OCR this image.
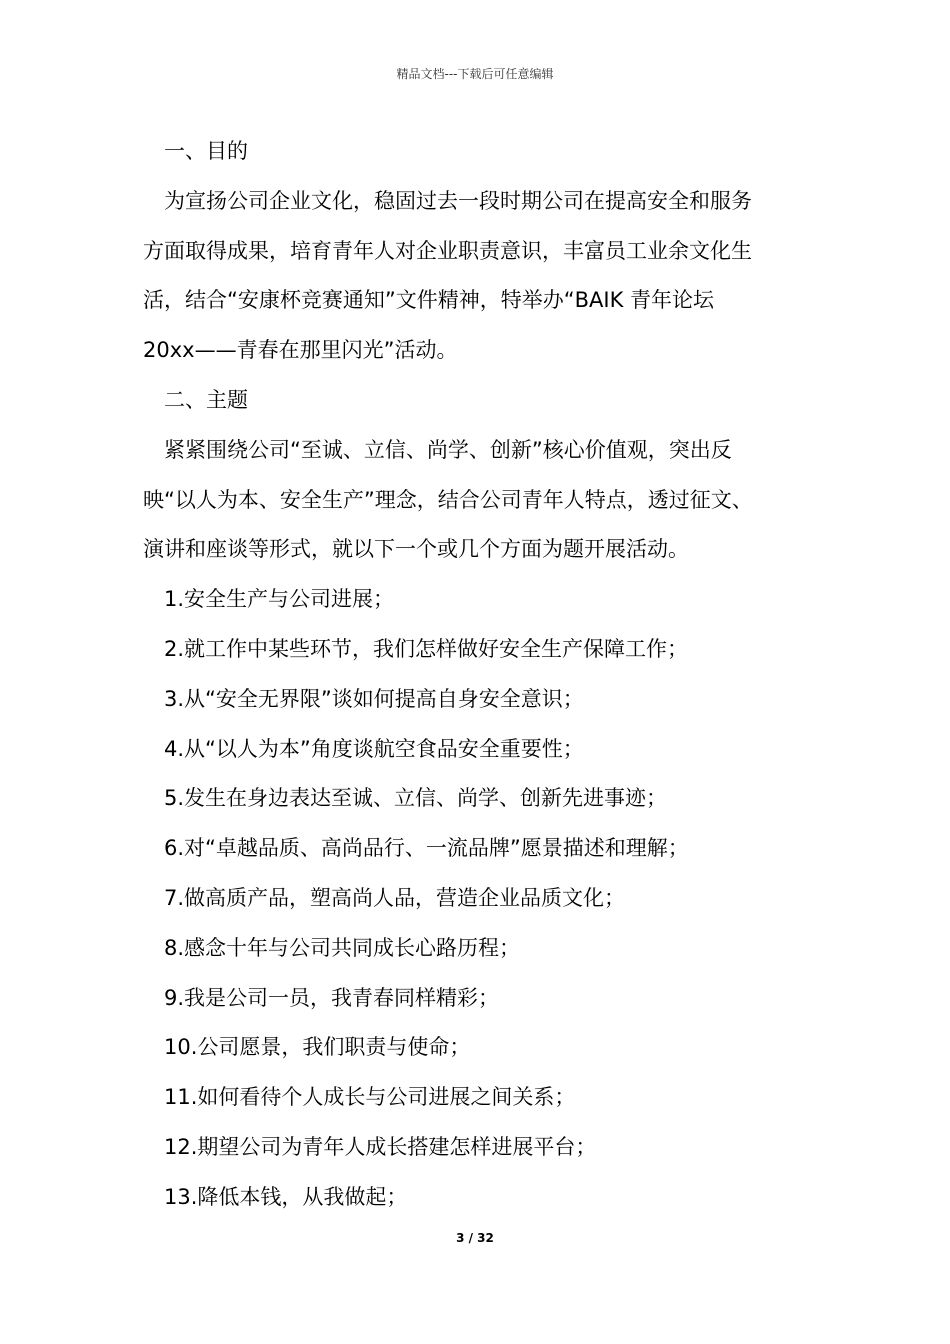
精品文档---下载后可任意编辑

一、目的

为宣扬公司企业文化，稳固过去一段时期公司在提高安全和服务

方面取得成果，培育青年人对企业职责意识，丰富员工业余文化生

活，结合“安康杯竞赛通知”文件精神，特举办“BAIK 青年论坛

20xx——青春在那里闪光”活动。

二、主题

紧紧围绕公司“至诚、立信、尚学、创新”核心价值观，突出反

映“以人为本、安全生产”理念，结合公司青年人特点，透过征文、

演讲和座谈等形式，就以下一个或几个方面为题开展活动。

1.安全生产与公司进展；

2.就工作中某些环节，我们怎样做好安全生产保障工作；

3.从“安全无界限”谈如何提高自身安全意识；

4.从“以人为本”角度谈航空食品安全重要性；

5.发生在身边表达至诚、立信、尚学、创新先进事迹；

6.对“卓越品质、高尚品行、一流品牌”愿景描述和理解；

7.做高质产品，塑高尚人品，营造企业品质文化；

8.感念十年与公司共同成长心路历程；

9.我是公司一员，我青春同样精彩；

10.公司愿景，我们职责与使命；

11.如何看待个人成长与公司进展之间关系；

12.期望公司为青年人成长搭建怎样进展平台；

13.降低本钱，从我做起；

3 / 32
